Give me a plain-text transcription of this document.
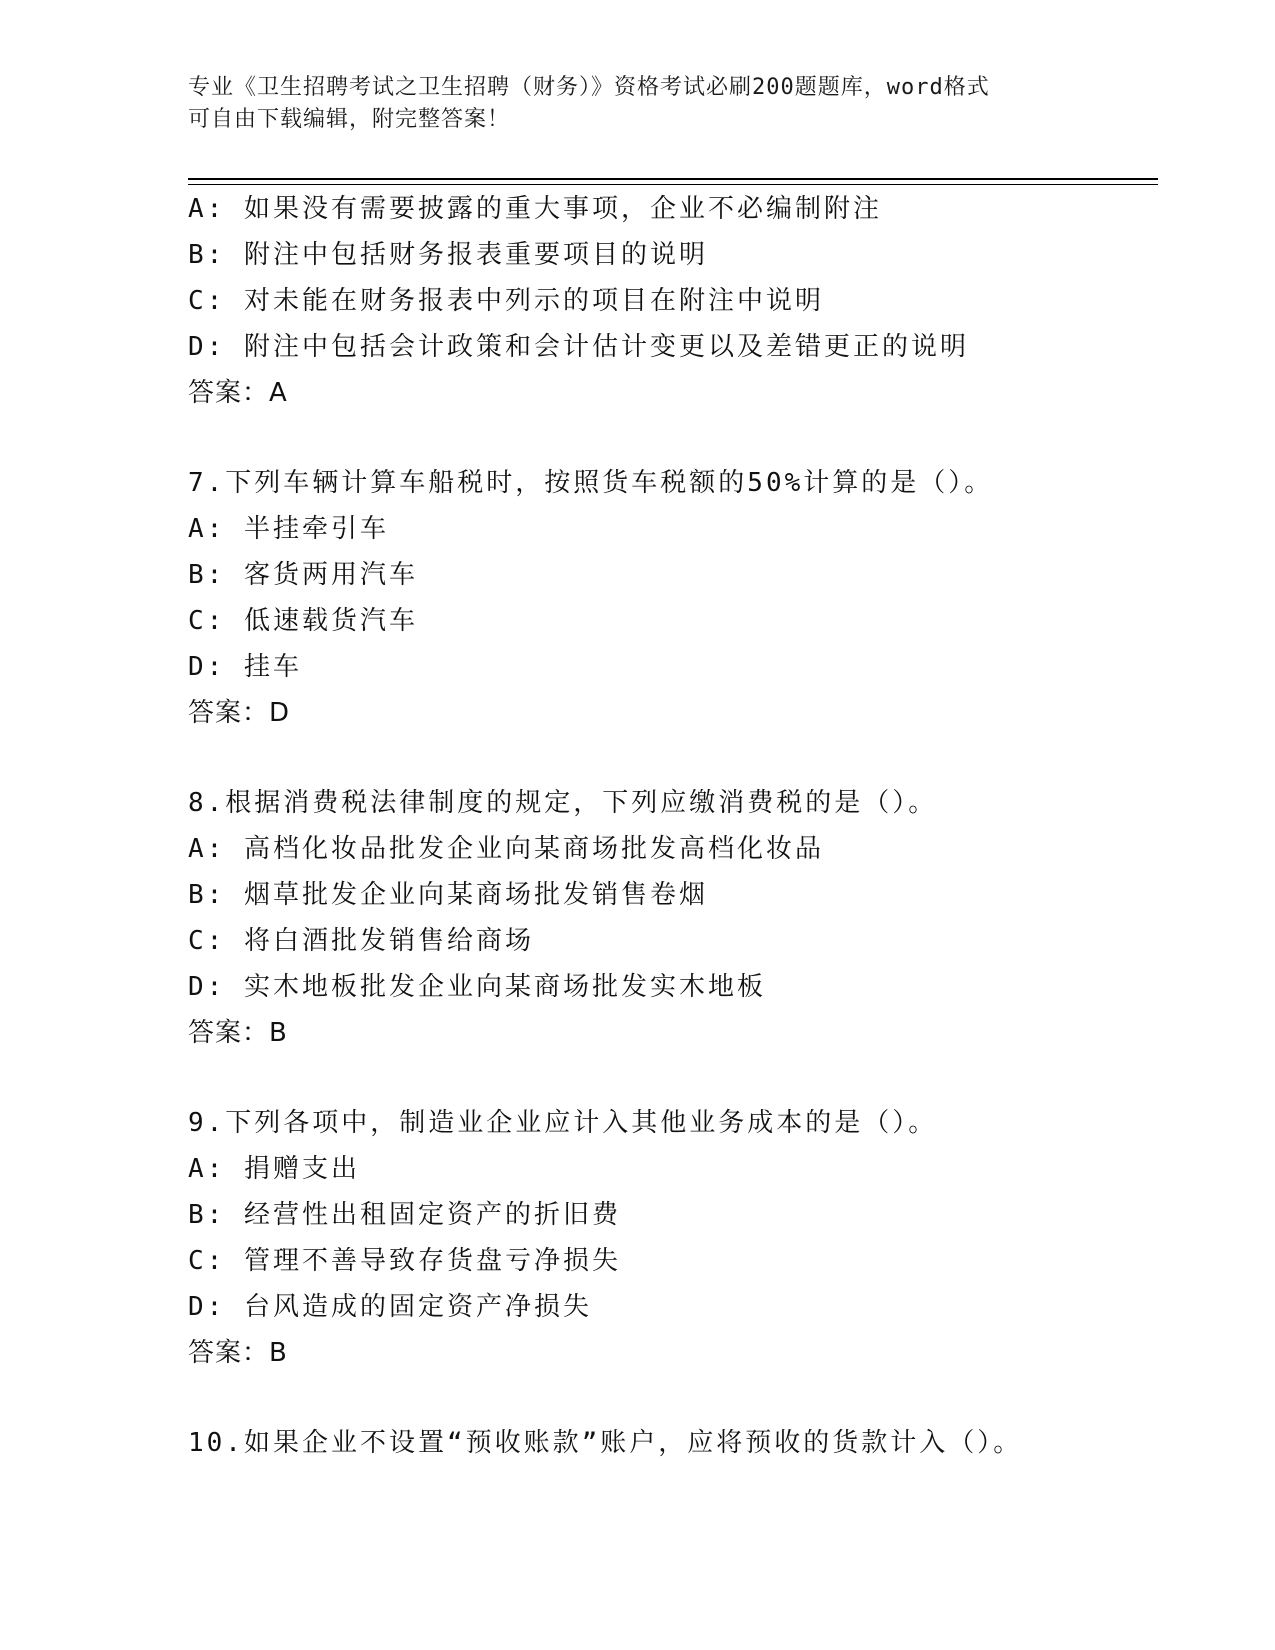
专业《卫生招聘考试之卫生招聘（财务）》资格考试必刷200题题库，word格式
可自由下载编辑，附完整答案！
A: 如果没有需要披露的重大事项，企业不必编制附注
B: 附注中包括财务报表重要项目的说明
C: 对未能在财务报表中列示的项目在附注中说明
D: 附注中包括会计政策和会计估计变更以及差错更正的说明
答案：A
7.下列车辆计算车船税时，按照货车税额的50%计算的是（）。
A: 半挂牵引车
B: 客货两用汽车
C: 低速载货汽车
D: 挂车
答案：D
8.根据消费税法律制度的规定，下列应缴消费税的是（）。
A: 高档化妆品批发企业向某商场批发高档化妆品
B: 烟草批发企业向某商场批发销售卷烟
C: 将白酒批发销售给商场
D: 实木地板批发企业向某商场批发实木地板
答案：B
9.下列各项中，制造业企业应计入其他业务成本的是（）。
A: 捐赠支出
B: 经营性出租固定资产的折旧费
C: 管理不善导致存货盘亏净损失
D: 台风造成的固定资产净损失
答案：B
10.如果企业不设置“预收账款”账户，应将预收的货款计入（）。
